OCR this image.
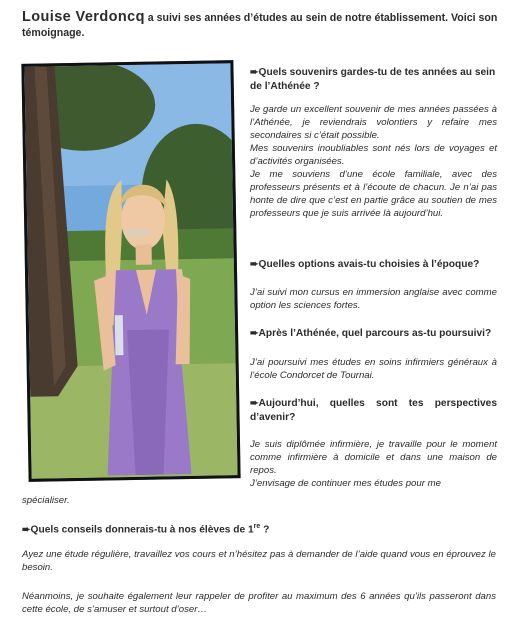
Louise Verdoncq a suivi ses années d’études au sein de notre établissement. Voici son témoignage.
➨Quels souvenirs gardes-tu de tes années au sein de l’Athénée ?

Je garde un excellent souvenir de mes années passées à l’Athénée, je reviendrais volontiers y refaire mes secondaires si c’était possible.

Mes souvenirs inoubliables sont nés lors de voyages et d’activités organisées.

Je me souviens d’une école familiale, avec des professeurs présents et à l’écoute de chacun. Je n’ai pas honte de dire que c’est en partie grâce au soutien de mes professeurs que je suis arrivée là aujourd’hui.

➨Quelles options avais-tu choisies à l’époque?

J’ai suivi mon cursus en immersion anglaise avec comme option les sciences fortes.

➨Après l’Athénée, quel parcours as-tu poursuivi?

J’ai poursuivi mes études en soins infirmiers généraux à l’école Condorcet de Tournai.

➨Aujourd’hui, quelles sont tes perspectives d’avenir?

Je suis diplômée infirmière, je travaille pour le moment comme infirmière à domicile et dans une maison de repos.

J’envisage de continuer mes études pour me

spécialiser.

➨Quels conseils donnerais-tu à nos élèves de 1re ?

Ayez une étude régulière, travaillez vos cours et n’hésitez pas à demander de l’aide quand vous en éprouvez le besoin.

Néanmoins, je souhaite également leur rappeler de profiter au maximum des 6 années qu’ils passeront dans cette école, de s’amuser et surtout d’oser…
